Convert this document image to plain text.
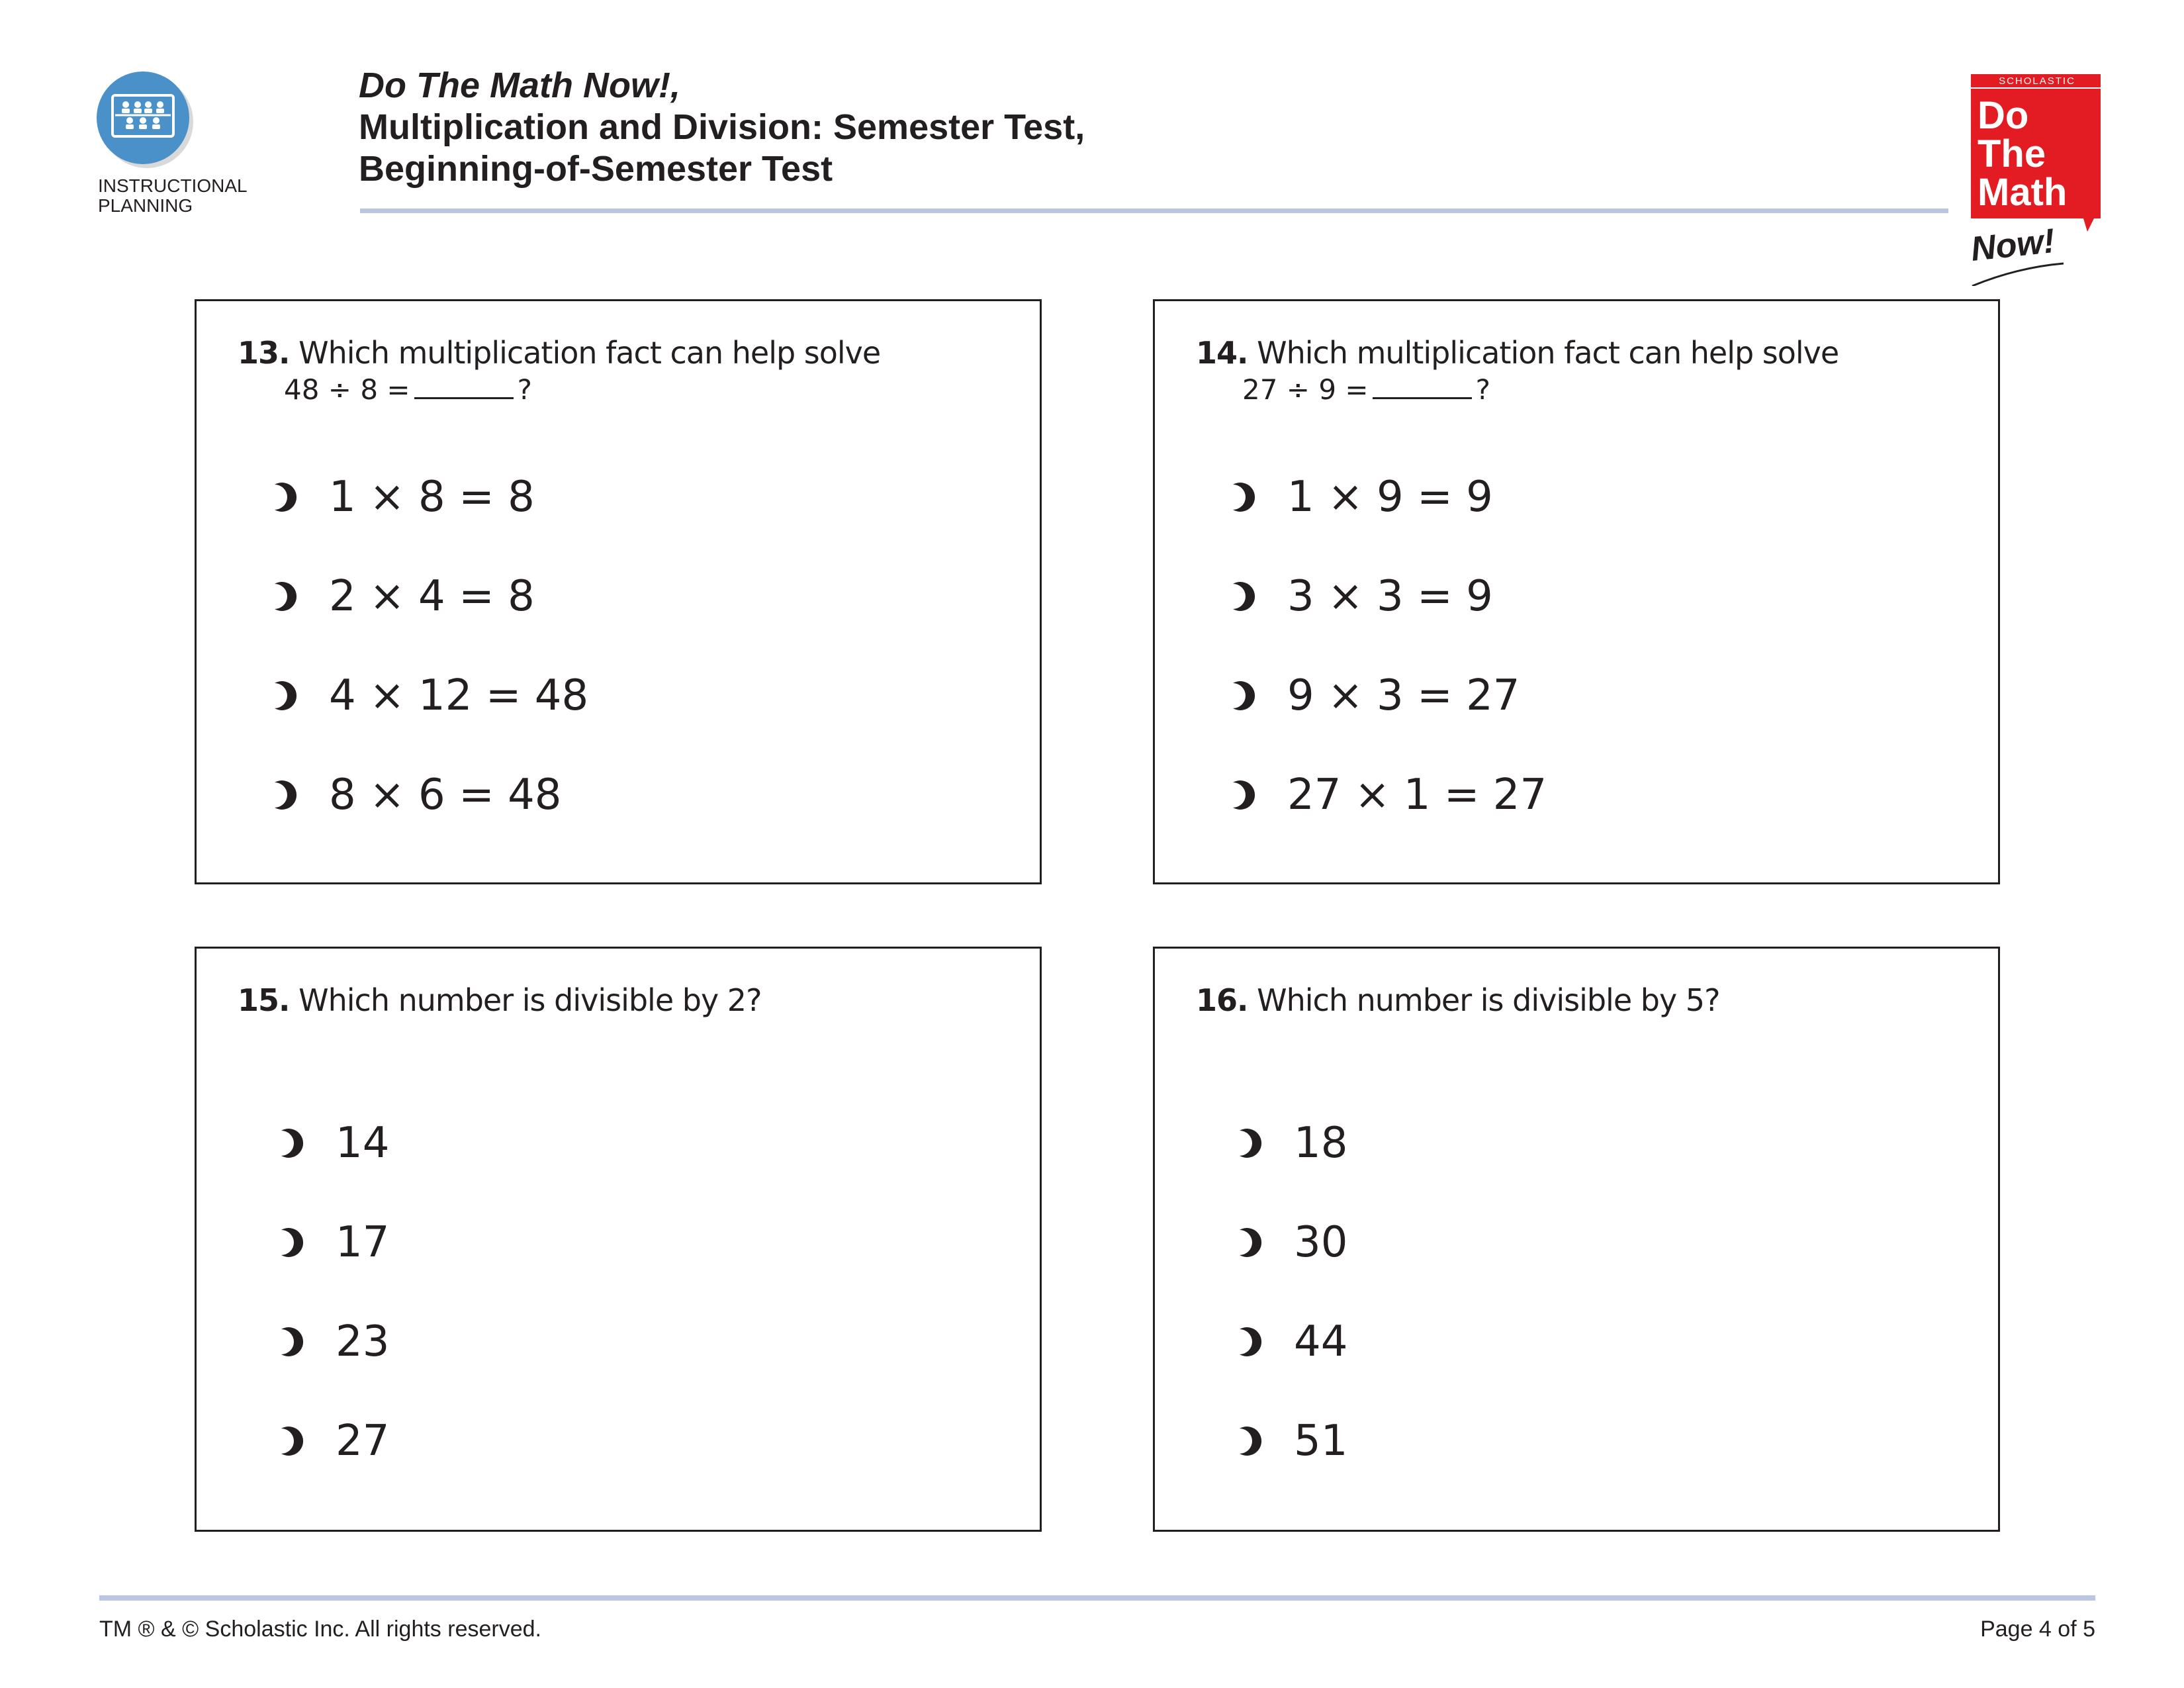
INSTRUCTIONAL
PLANNING
Do The Math Now!,
Multiplication and Division: Semester Test,
Beginning-of-Semester Test
SCHOLASTIC
Do
The
Math
Now!
13. Which multiplication fact can help solve
48 ÷ 8 =	?
1 × 8 = 8
2 × 4 = 8
4 × 12 = 48
8 × 6 = 48
14. Which multiplication fact can help solve
27 ÷ 9 =	?
1 × 9 = 9
3 × 3 = 9
9 × 3 = 27
27 × 1 = 27
15. Which number is divisible by 2?
14
17
23
27
16. Which number is divisible by 5?
18
30
44
51
TM ® & © Scholastic Inc. All rights reserved.	Page 4 of 5
